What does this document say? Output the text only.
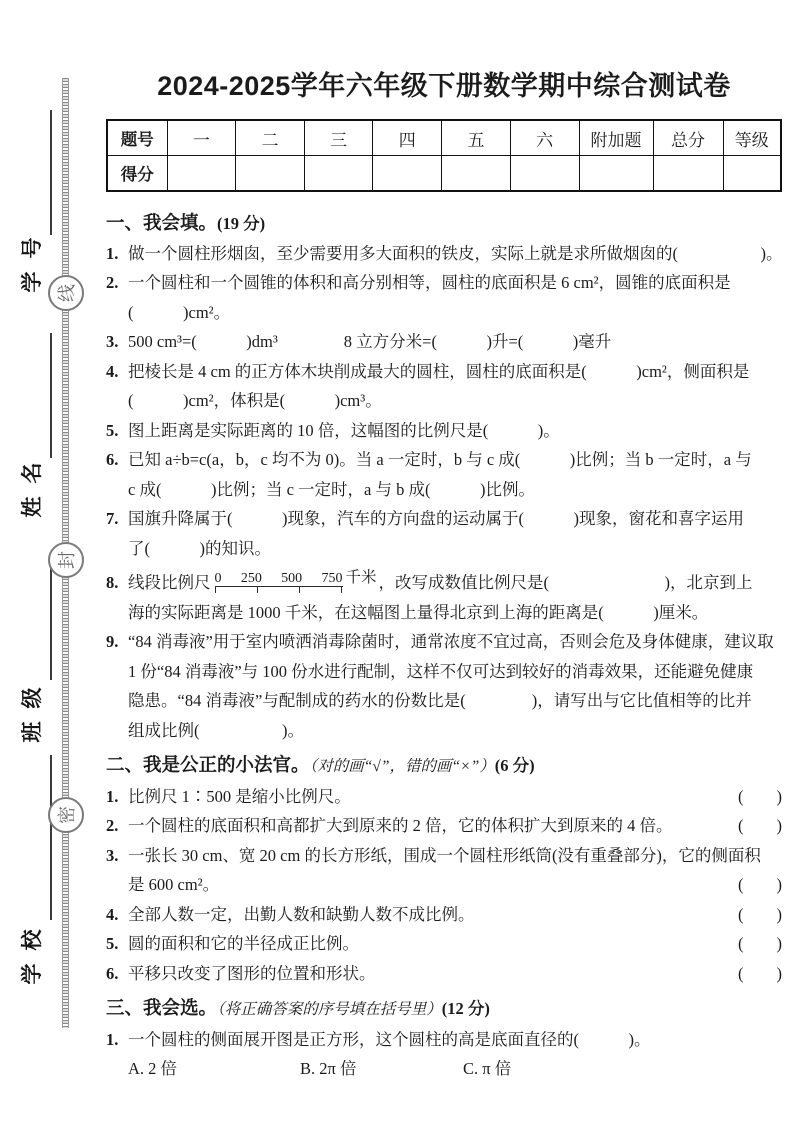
学号
姓名
班级
学校
线
封
密
2024-2025学年六年级下册数学期中综合测试卷
题号	一	二	三	四	五	六	附加题	总分	等级
得分									
一、我会填。(19 分)
1. 做一个圆柱形烟囱，至少需要用多大面积的铁皮，实际上就是求所做烟囱的(　　　　　)。
2. 一个圆柱和一个圆锥的体积和高分别相等，圆柱的底面积是 6 cm²，圆锥的底面积是
(　　　)cm²。
3. 500 cm³=(　　　)dm³　　　　8 立方分米=(　　　)升=(　　　)毫升
4. 把棱长是 4 cm 的正方体木块削成最大的圆柱，圆柱的底面积是(　　　)cm²，侧面积是
(　　　)cm²，体积是(　　　)cm³。
5. 图上距离是实际距离的 10 倍，这幅图的比例尺是(　　　)。
6. 已知 a÷b=c(a，b，c 均不为 0)。当 a 一定时，b 与 c 成(　　　)比例；当 b 一定时，a 与
c 成(　　　)比例；当 c 一定时，a 与 b 成(　　　)比例。
7. 国旗升降属于(　　　)现象，汽车的方向盘的运动属于(　　　)现象，窗花和喜字运用
了(　　　)的知识。
8. 线段比例尺 0 250 500 750 千米 ，改写成数值比例尺是(　　　　　　　)，北京到上
海的实际距离是 1000 千米，在这幅图上量得北京到上海的距离是(　　　)厘米。
9. “84 消毒液”用于室内喷洒消毒除菌时，通常浓度不宜过高，否则会危及身体健康，建议取
1 份“84 消毒液”与 100 份水进行配制，这样不仅可达到较好的消毒效果，还能避免健康
隐患。“84 消毒液”与配制成的药水的份数比是(　　　　)，请写出与它比值相等的比并
组成比例(　　　　　)。
二、我是公正的小法官。（对的画“√”，错的画“×”）(6 分)
1. 比例尺 1∶500 是缩小比例尺。	(　　)
2. 一个圆柱的底面积和高都扩大到原来的 2 倍，它的体积扩大到原来的 4 倍。	(　　)
3. 一张长 30 cm、宽 20 cm 的长方形纸，围成一个圆柱形纸筒(没有重叠部分)，它的侧面积
是 600 cm²。	(　　)
4. 全部人数一定，出勤人数和缺勤人数不成比例。	(　　)
5. 圆的面积和它的半径成正比例。	(　　)
6. 平移只改变了图形的位置和形状。	(　　)
三、我会选。（将正确答案的序号填在括号里）(12 分)
1. 一个圆柱的侧面展开图是正方形，这个圆柱的高是底面直径的(　　　)。
A. 2 倍	B. 2π 倍	C. π 倍
